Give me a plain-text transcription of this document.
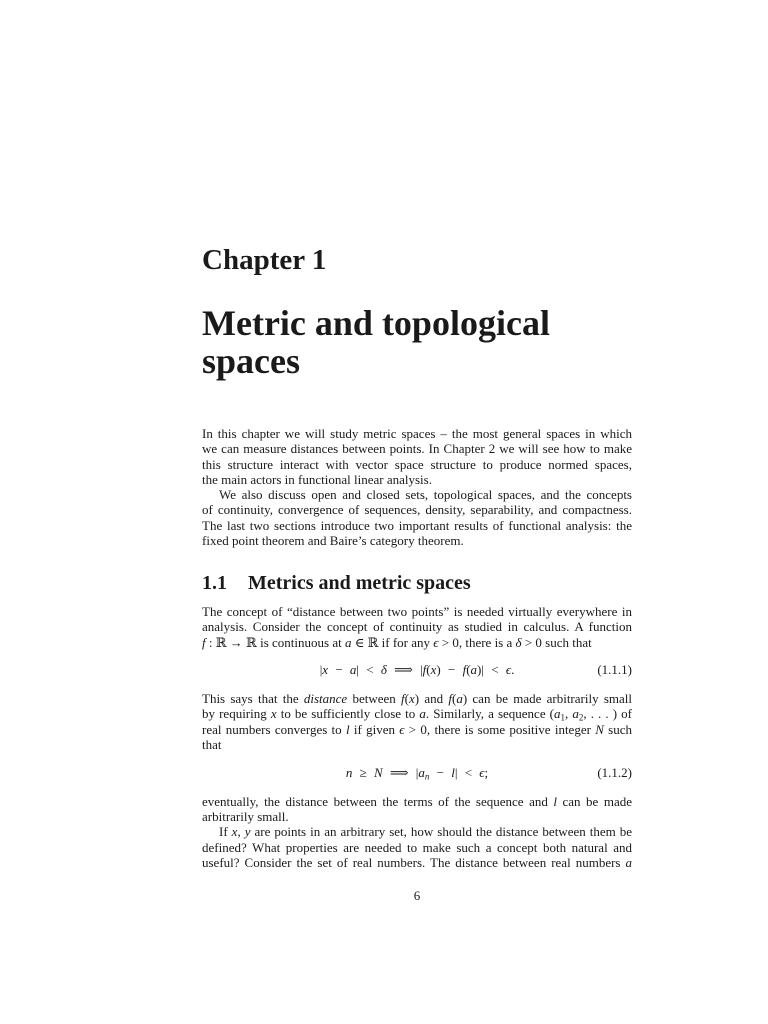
Chapter 1
Metric and topological
spaces
In this chapter we will study metric spaces – the most general spaces in which
we can measure distances between points. In Chapter 2 we will see how to make
this structure interact with vector space structure to produce normed spaces,
the main actors in functional linear analysis.
We also discuss open and closed sets, topological spaces, and the concepts
of continuity, convergence of sequences, density, separability, and compactness.
The last two sections introduce two important results of functional analysis: the
fixed point theorem and Baire’s category theorem.
1.1 Metrics and metric spaces
The concept of “distance between two points” is needed virtually everywhere in
analysis. Consider the concept of continuity as studied in calculus. A function
f : ℝ → ℝ is continuous at a ∈ ℝ if for any ϵ > 0, there is a δ > 0 such that
|x − a| < δ ⟹ |f(x) − f(a)| < ϵ.	(1.1.1)
This says that the distance between f(x) and f(a) can be made arbitrarily small
by requiring x to be sufficiently close to a. Similarly, a sequence ($a_1$, $a_2$, . . . ) of
real numbers converges to l if given ϵ > 0, there is some positive integer N such
that
n ≥ N ⟹ |an − l| < ϵ;	(1.1.2)
eventually, the distance between the terms of the sequence and l can be made
arbitrarily small.
If x, y are points in an arbitrary set, how should the distance between them be
defined? What properties are needed to make such a concept both natural and
useful? Consider the set of real numbers. The distance between real numbers a
6
